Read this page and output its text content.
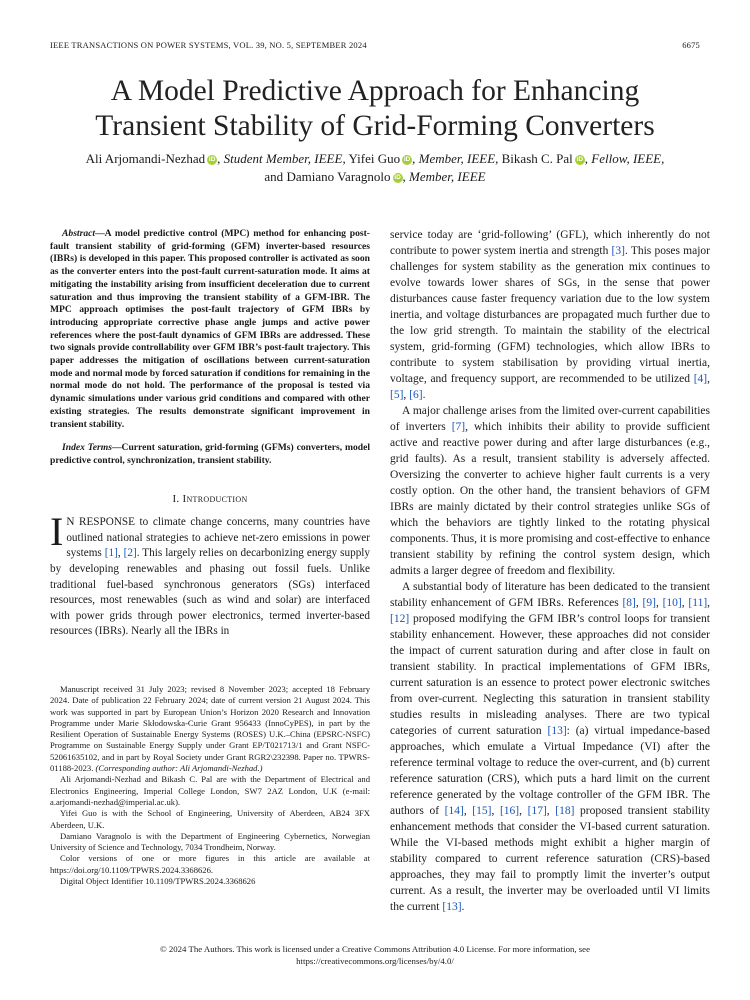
IEEE TRANSACTIONS ON POWER SYSTEMS, VOL. 39, NO. 5, SEPTEMBER 2024	6675
A Model Predictive Approach for Enhancing
Transient Stability of Grid-Forming Converters
Ali Arjomandi-Nezhad iD , Student Member, IEEE, Yifei Guo iD , Member, IEEE, Bikash C. Pal iD , Fellow, IEEE,
and Damiano Varagnolo iD , Member, IEEE

Abstract—A model predictive control (MPC) method for enhancing post-fault transient stability of grid-forming (GFM) inverter-based resources (IBRs) is developed in this paper. This proposed controller is activated as soon as the converter enters into the post-fault current-saturation mode. It aims at mitigating the instability arising from insufficient deceleration due to current saturation and thus improving the transient stability of a GFM-IBR. The MPC approach optimises the post-fault trajectory of GFM IBRs by introducing appropriate corrective phase angle jumps and active power references where the post-fault dynamics of GFM IBRs are addressed. These two signals provide controllability over GFM IBR’s post-fault trajectory. This paper addresses the mitigation of oscillations between current-saturation mode and normal mode by forced saturation if conditions for remaining in the normal mode do not hold. The performance of the proposal is tested via dynamic simulations under various grid conditions and compared with other existing strategies. The results demonstrate significant improvement in transient stability.

Index Terms—Current saturation, grid-forming (GFMs) converters, model predictive control, synchronization, transient stability.

I. Introduction

I N RESPONSE to climate change concerns, many countries have outlined national strategies to achieve net-zero emissions in power systems [1], [2]. This largely relies on decarbonizing energy supply by developing renewables and phasing out fossil fuels. Unlike traditional fuel-based synchronous generators (SGs) interfaced resources, most renewables (such as wind and solar) are interfaced with power grids through power electronics, termed inverter-based resources (IBRs). Nearly all the IBRs in

Manuscript received 31 July 2023; revised 8 November 2023; accepted 18 February 2024. Date of publication 22 February 2024; date of current version 21 August 2024. This work was supported in part by European Union’s Horizon 2020 Research and Innovation Programme under Marie Skłodowska-Curie Grant 956433 (InnoCyPES), in part by the Resilient Operation of Sustainable Energy Systems (ROSES) U.K.–China (EPSRC-NSFC) Programme on Sustainable Energy Supply under Grant EP/T021713/1 and Grant NSFC-52061635102, and in part by Royal Society under Grant RGR2\232398. Paper no. TPWRS-01188-2023. (Corresponding author: Ali Arjomandi-Nezhad.)

Ali Arjomandi-Nezhad and Bikash C. Pal are with the Department of Electrical and Electronics Engineering, Imperial College London, SW7 2AZ London, U.K (e-mail: a.arjomandi-nezhad@imperial.ac.uk).

Yifei Guo is with the School of Engineering, University of Aberdeen, AB24 3FX Aberdeen, U.K.

Damiano Varagnolo is with the Department of Engineering Cybernetics, Norwegian University of Science and Technology, 7034 Trondheim, Norway.

Color versions of one or more figures in this article are available at https://doi.org/10.1109/TPWRS.2024.3368626.

Digital Object Identifier 10.1109/TPWRS.2024.3368626

service today are ‘grid-following’ (GFL), which inherently do not contribute to power system inertia and strength [3]. This poses major challenges for system stability as the generation mix continues to evolve towards lower shares of SGs, in the sense that power disturbances cause faster frequency variation due to the low system inertia, and voltage disturbances are propagated much further due to the low grid strength. To maintain the stability of the electrical system, grid-forming (GFM) technologies, which allow IBRs to contribute to system stabilisation by providing virtual inertia, voltage, and frequency support, are recommended to be utilized [4], [5], [6].

A major challenge arises from the limited over-current capabilities of inverters [7], which inhibits their ability to provide sufficient active and reactive power during and after large disturbances (e.g., grid faults). As a result, transient stability is adversely affected. Oversizing the converter to achieve higher fault currents is a very costly option. On the other hand, the transient behaviors of GFM IBRs are mainly dictated by their control strategies unlike SGs of which the behaviors are tightly linked to the rotating physical components. Thus, it is more promising and cost-effective to enhance transient stability by refining the control system design, which admits a larger degree of freedom and flexibility.

A substantial body of literature has been dedicated to the transient stability enhancement of GFM IBRs. References [8], [9], [10], [11], [12] proposed modifying the GFM IBR’s control loops for transient stability enhancement. However, these approaches did not consider the impact of current saturation during and after close in fault on transient stability. In practical implementations of GFM IBRs, current saturation is an essence to protect power electronic switches from over-current. Neglecting this saturation in transient stability studies results in misleading analyses. There are two typical categories of current saturation [13]: (a) virtual impedance-based approaches, which emulate a Virtual Impedance (VI) after the reference terminal voltage to reduce the over-current, and (b) current reference saturation (CRS), which puts a hard limit on the current reference generated by the voltage controller of the GFM IBR. The authors of [14], [15], [16], [17], [18] proposed transient stability enhancement methods that consider the VI-based current saturation. While the VI-based methods might exhibit a higher margin of stability compared to current reference saturation (CRS)-based approaches, they may fail to promptly limit the inverter’s output current. As a result, the inverter may be overloaded until VI limits the current [13].

© 2024 The Authors. This work is licensed under a Creative Commons Attribution 4.0 License. For more information, see
https://creativecommons.org/licenses/by/4.0/
